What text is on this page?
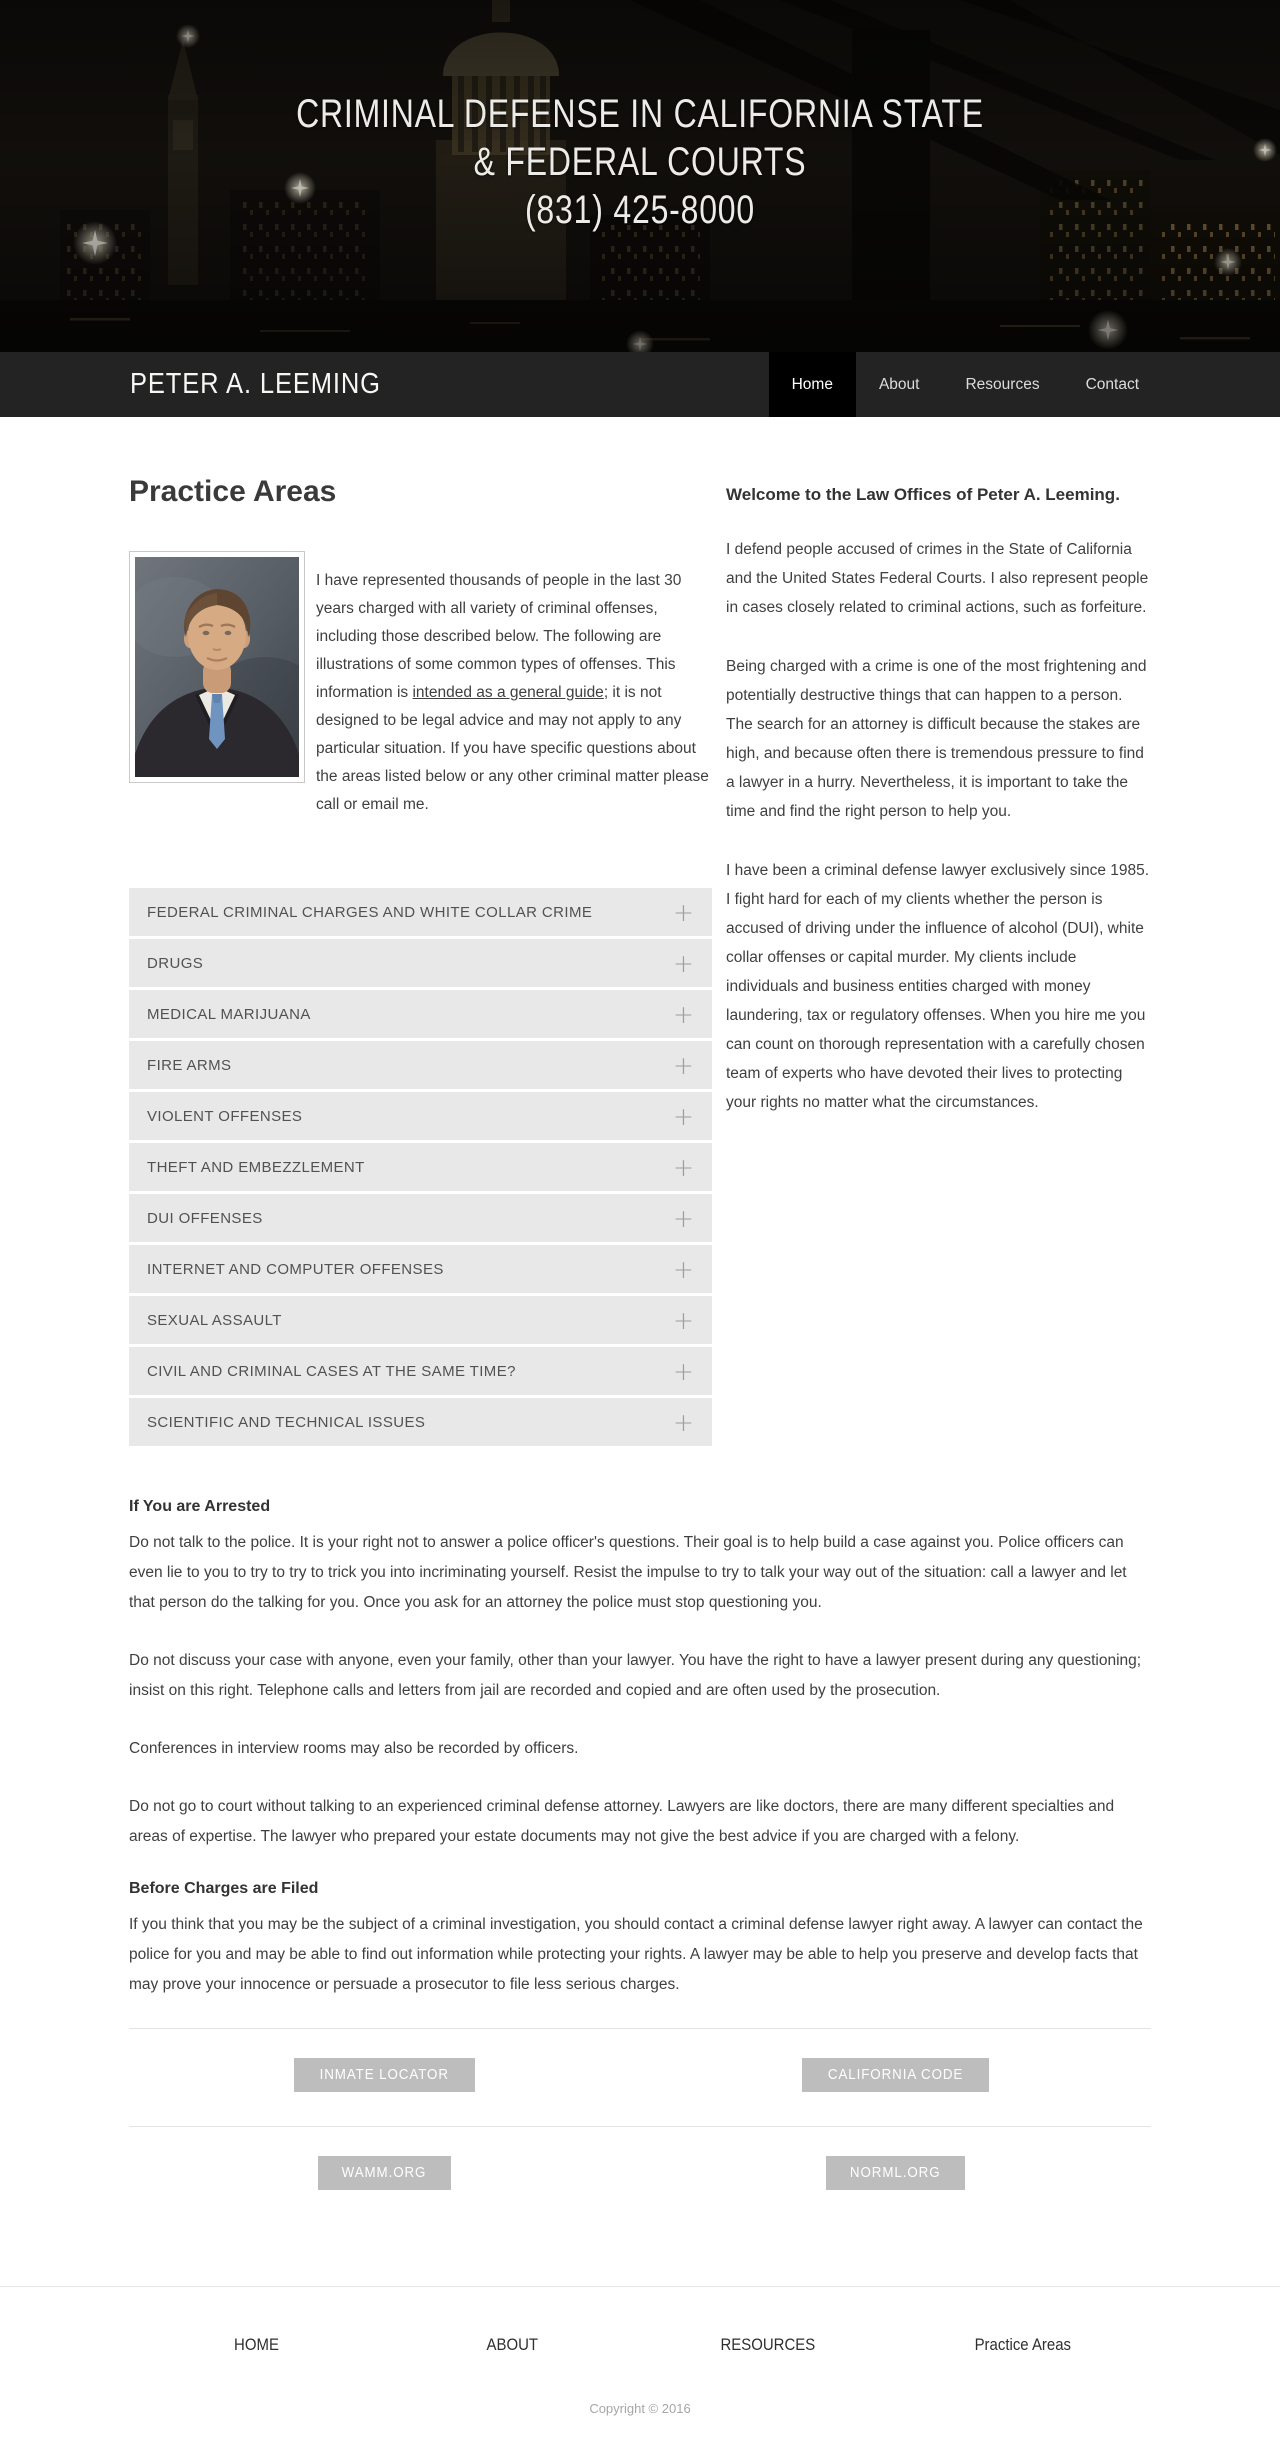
CRIMINAL DEFENSE IN CALIFORNIA STATE
& FEDERAL COURTS
(831) 425-8000
PETER A. LEEMING	Home	About	Resources	Contact
Practice Areas

I have represented thousands of people in the last 30 years charged with all variety of criminal offenses, including those described below. The following are illustrations of some common types of offenses. This information is intended as a general guide; it is not designed to be legal advice and may not apply to any particular situation. If you have specific questions about the areas listed below or any other criminal matter please call or email me.

FEDERAL CRIMINAL CHARGES AND WHITE COLLAR CRIME	+
DRUGS	+
MEDICAL MARIJUANA	+
FIRE ARMS	+
VIOLENT OFFENSES	+
THEFT AND EMBEZZLEMENT	+
DUI OFFENSES	+
INTERNET AND COMPUTER OFFENSES	+
SEXUAL ASSAULT	+
CIVIL AND CRIMINAL CASES AT THE SAME TIME?	+
SCIENTIFIC AND TECHNICAL ISSUES	+
Welcome to the Law Offices of Peter A. Leeming.

I defend people accused of crimes in the State of California and the United States Federal Courts. I also represent people in cases closely related to criminal actions, such as forfeiture.

Being charged with a crime is one of the most frightening and potentially destructive things that can happen to a person. The search for an attorney is difficult because the stakes are high, and because often there is tremendous pressure to find a lawyer in a hurry. Nevertheless, it is important to take the time and find the right person to help you.

I have been a criminal defense lawyer exclusively since 1985. I fight hard for each of my clients whether the person is accused of driving under the influence of alcohol (DUI), white collar offenses or capital murder. My clients include individuals and business entities charged with money laundering, tax or regulatory offenses. When you hire me you can count on thorough representation with a carefully chosen team of experts who have devoted their lives to protecting your rights no matter what the circumstances.

If You are Arrested

Do not talk to the police. It is your right not to answer a police officer's questions. Their goal is to help build a case against you. Police officers can even lie to you to try to try to trick you into incriminating yourself. Resist the impulse to try to talk your way out of the situation: call a lawyer and let that person do the talking for you. Once you ask for an attorney the police must stop questioning you.

Do not discuss your case with anyone, even your family, other than your lawyer. You have the right to have a lawyer present during any questioning; insist on this right. Telephone calls and letters from jail are recorded and copied and are often used by the prosecution.

Conferences in interview rooms may also be recorded by officers.

Do not go to court without talking to an experienced criminal defense attorney. Lawyers are like doctors, there are many different specialties and areas of expertise. The lawyer who prepared your estate documents may not give the best advice if you are charged with a felony.

Before Charges are Filed

If you think that you may be the subject of a criminal investigation, you should contact a criminal defense lawyer right away. A lawyer can contact the police for you and may be able to find out information while protecting your rights. A lawyer may be able to help you preserve and develop facts that may prove your innocence or persuade a prosecutor to file less serious charges.

INMATE LOCATOR	CALIFORNIA CODE
WAMM.ORG	NORML.ORG
HOME	ABOUT	RESOURCES	Practice Areas
Copyright © 2016
